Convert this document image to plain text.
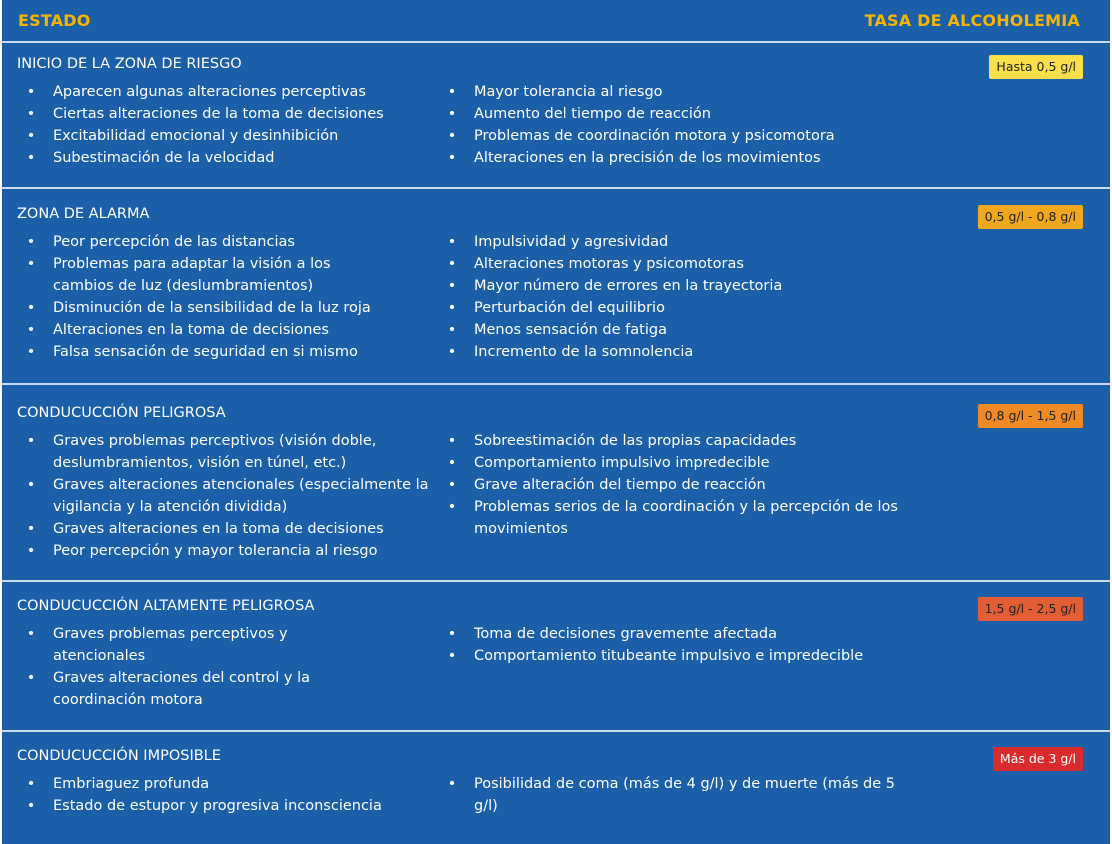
ESTADO	TASA DE ALCOHOLEMIA
INICIO DE LA ZONA DE RIESGO	Hasta 0,5 g/l
• Aparecen algunas alteraciones perceptivas
• Ciertas alteraciones de la toma de decisiones
• Excitabilidad emocional y desinhibición
• Subestimación de la velocidad
• Mayor tolerancia al riesgo
• Aumento del tiempo de reacción
• Problemas de coordinación motora y psicomotora
• Alteraciones en la precisión de los movimientos
ZONA DE ALARMA	0,5 g/l - 0,8 g/l
• Peor percepción de las distancias
• Problemas para adaptar la visión a los cambios de luz (deslumbramientos)
• Disminución de la sensibilidad de la luz roja
• Alteraciones en la toma de decisiones
• Falsa sensación de seguridad en si mismo
• Impulsividad y agresividad
• Alteraciones motoras y psicomotoras
• Mayor número de errores en la trayectoria
• Perturbación del equilibrio
• Menos sensación de fatiga
• Incremento de la somnolencia
CONDUCUCCIÓN PELIGROSA	0,8 g/l - 1,5 g/l
• Graves problemas perceptivos (visión doble, deslumbramientos, visión en túnel, etc.)
• Graves alteraciones atencionales (especialmente la vigilancia y la atención dividida)
• Graves alteraciones en la toma de decisiones
• Peor percepción y mayor tolerancia al riesgo
• Sobreestimación de las propias capacidades
• Comportamiento impulsivo impredecible
• Grave alteración del tiempo de reacción
• Problemas serios de la coordinación y la percepción de los movimientos
CONDUCUCCIÓN ALTAMENTE PELIGROSA	1,5 g/l - 2,5 g/l
• Graves problemas perceptivos y atencionales
• Graves alteraciones del control y la coordinación motora
• Toma de decisiones gravemente afectada
• Comportamiento titubeante impulsivo e impredecible
CONDUCUCCIÓN IMPOSIBLE	Más de 3 g/l
• Embriaguez profunda
• Estado de estupor y progresiva inconsciencia
• Posibilidad de coma (más de 4 g/l) y de muerte (más de 5 g/l)
